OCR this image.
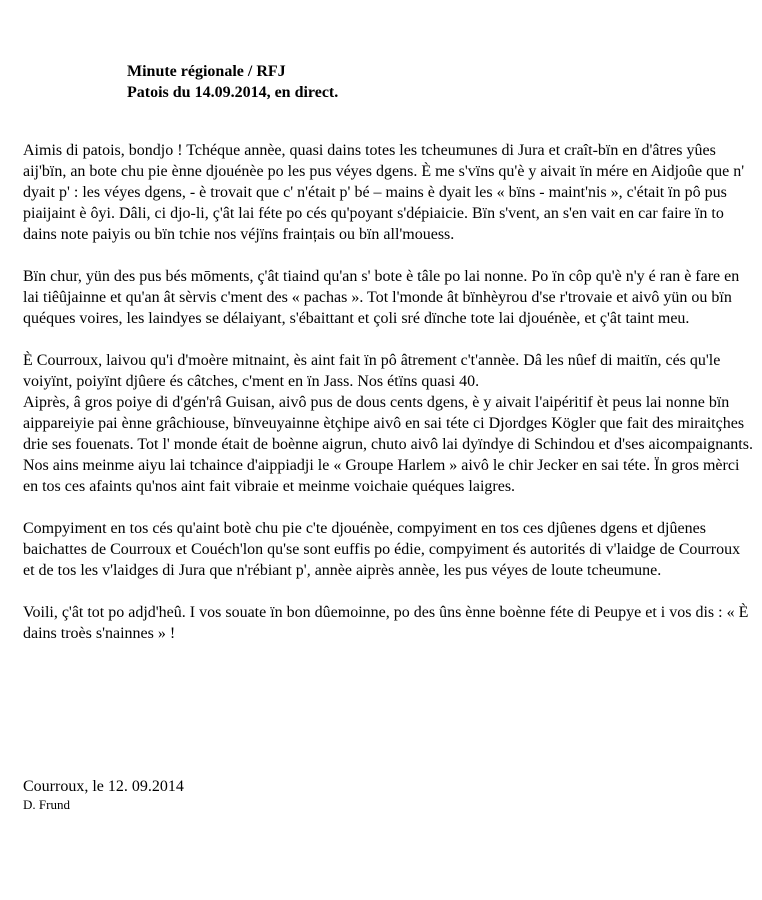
Minute régionale / RFJ
Patois du 14.09.2014, en direct.

Aimis di patois, bondjo ! Tchéque annèe, quasi dains totes les tcheumunes di Jura et craît-bïn en d'âtres yûes aij'bïn, an bote chu pie ènne djouénèe po les pus véyes dgens. È me s'vïns qu'è y aivait ïn mére en Aidjoûe que n' dyait p' : les véyes dgens, - è trovait que c' n'était p' bé – mains è dyait les « bïns - maint'nis », c'était ïn pô pus piaijaint è ôyi. Dâli, ci djo-li, ç'ât lai féte po cés qu'poyant s'dépiaicie. Bïn s'vent, an s'en vait en car faire ïn to dains note paiyis ou bïn tchie nos véjïns fraințais ou bïn all'mouess.

Bïn chur, yün des pus bés mōments, ç'ât tiaind qu'an s' bote è tâle po lai nonne. Po ïn côp qu'è n'y é ran è fare en lai tiêûjainne et qu'an ât sèrvis c'ment des « pachas ». Tot l'monde ât bïnhèyrou d'se r'trovaie et aivô yün ou bïn quéques voires, les laindyes se délaiyant, s'ébaittant et çoli sré dïnche tote lai djouénèe, et ç'ât taint meu.

È Courroux, laivou qu'i d'moère mitnaint, ès aint fait ïn pô âtrement c't'annèe. Dâ les nûef di maitïn, cés qu'le voiyïnt, poiyïnt djûere és câtches, c'ment en ïn Jass. Nos étïns quasi 40.

Aiprès, â gros poiye di d'gén'râ Guisan, aivô pus de dous cents dgens, è y aivait l'aipéritif èt peus lai nonne bïn aippareiyie pai ènne grâchiouse, bïnveuyainne ètçhipe aivô en sai téte ci Djordges Kögler que fait des miraitçhes drie ses fouenats. Tot l' monde était de boènne aigrun, chuto aivô lai dyïndye di Schindou et d'ses aicompaignants. Nos ains meinme aiyu lai tchaince d'aippiadji le « Groupe Harlem » aivô le chir Jecker en sai téte. Ïn gros mèrci en tos ces afaints qu'nos aint fait vibraie et meinme voichaie quéques laigres.

Compyiment en tos cés qu'aint botè chu pie c'te djouénèe, compyiment en tos ces djûenes dgens et djûenes baichattes de Courroux et Couéch'lon qu'se sont euffis po édie, compyiment és autorités di v'laidge de Courroux et de tos les v'laidges di Jura que n'rébiant p', annèe aiprès annèe, les pus véyes de loute tcheumune.

Voili, ç'ât tot po adjd'heû. I vos souate ïn bon dûemoinne, po des ûns ènne boènne féte di Peupye et i vos dis : « È dains troès s'nainnes » !

Courroux, le 12. 09.2014
D. Frund
